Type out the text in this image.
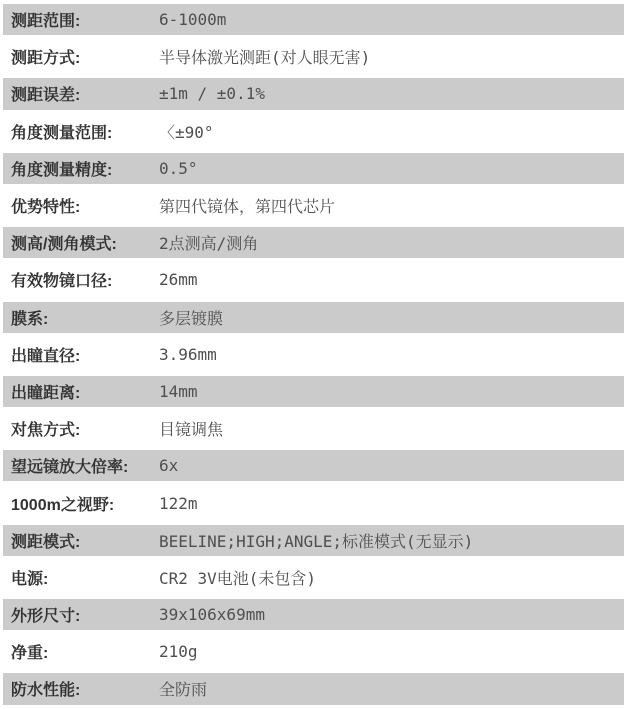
测距范围:	6-1000m
测距方式:	半导体激光测距(对人眼无害)
测距误差:	±1m / ±0.1%
角度测量范围:	〈±90°
角度测量精度:	0.5°
优势特性:	第四代镜体，第四代芯片
测高/测角模式:	2点测高/测角
有效物镜口径:	26mm
膜系:	多层镀膜
出瞳直径:	3.96mm
出瞳距离:	14mm
对焦方式:	目镜调焦
望远镜放大倍率:	6x
1000m之视野:	122m
测距模式:	BEELINE;HIGH;ANGLE;标准模式(无显示)
电源:	CR2 3V电池(未包含)
外形尺寸:	39x106x69mm
净重:	210g
防水性能:	全防雨
